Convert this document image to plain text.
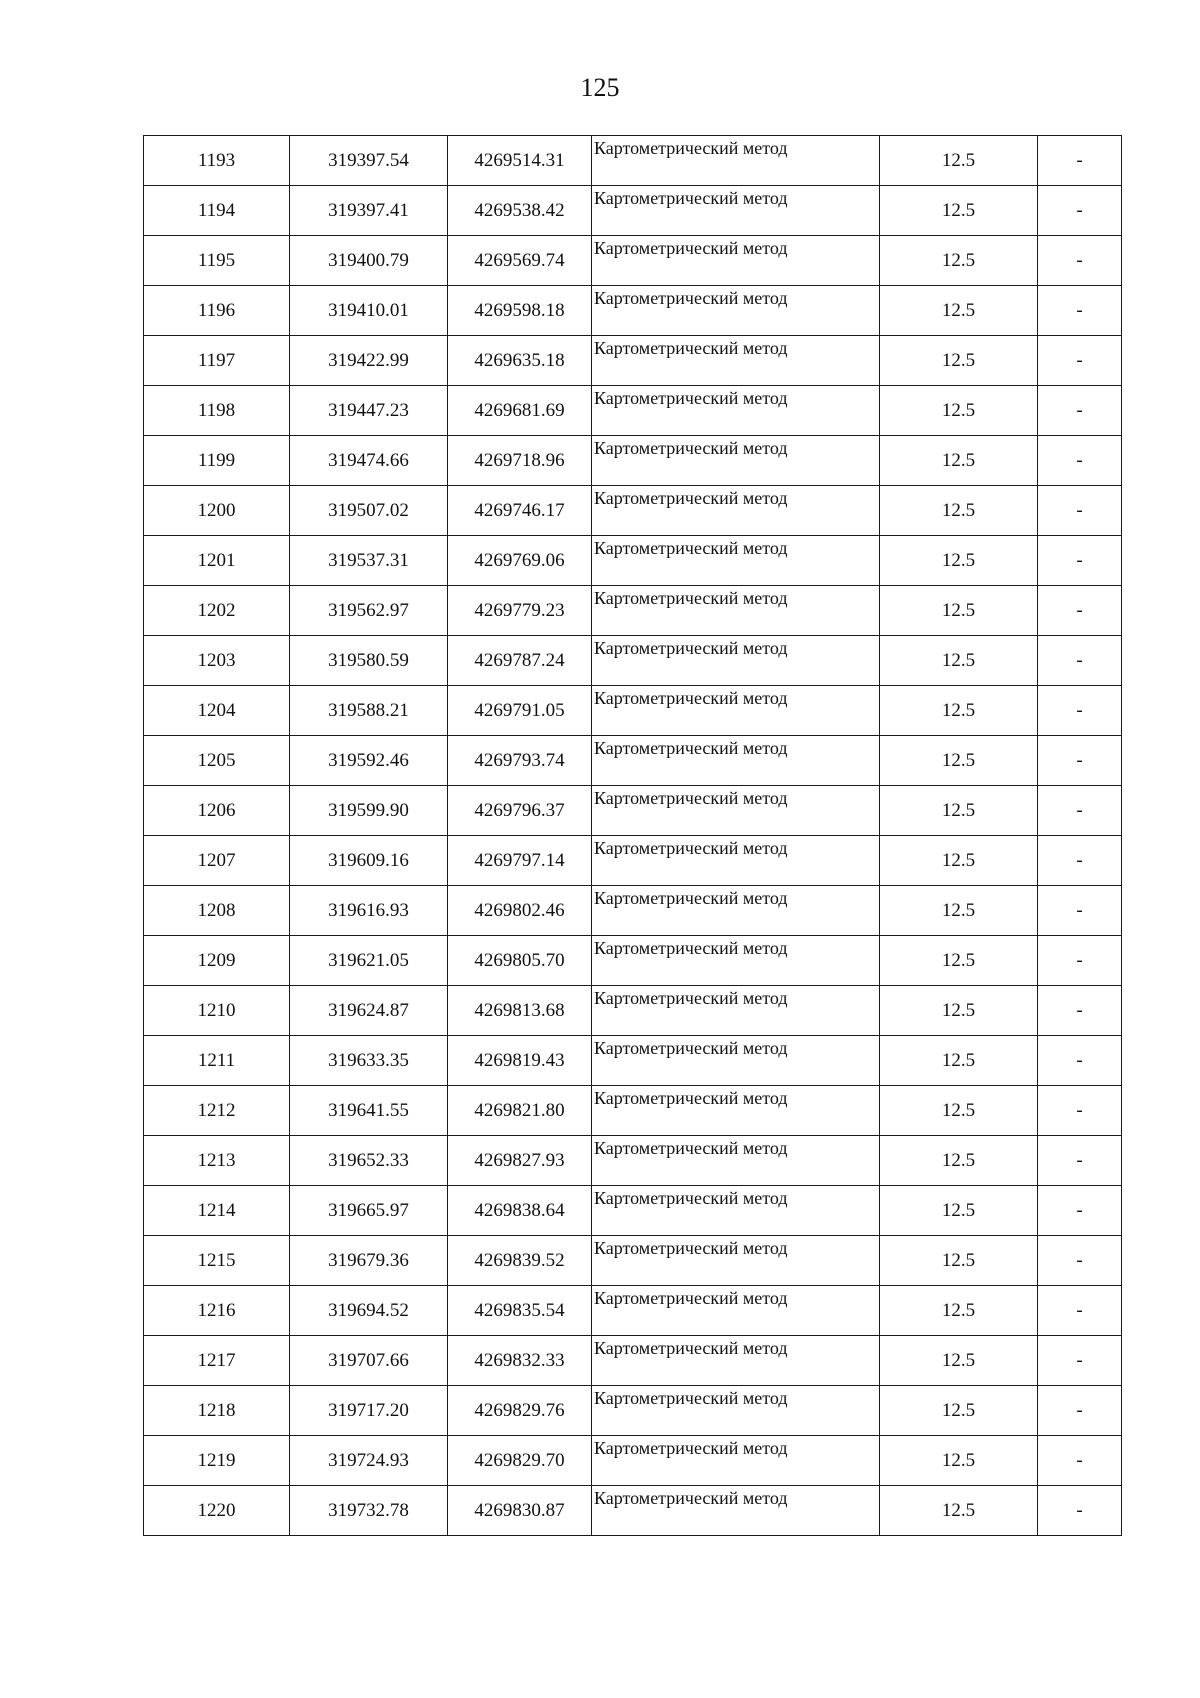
125
1193	319397.54	4269514.31	Картометрический метод	12.5	-
1194	319397.41	4269538.42	Картометрический метод	12.5	-
1195	319400.79	4269569.74	Картометрический метод	12.5	-
1196	319410.01	4269598.18	Картометрический метод	12.5	-
1197	319422.99	4269635.18	Картометрический метод	12.5	-
1198	319447.23	4269681.69	Картометрический метод	12.5	-
1199	319474.66	4269718.96	Картометрический метод	12.5	-
1200	319507.02	4269746.17	Картометрический метод	12.5	-
1201	319537.31	4269769.06	Картометрический метод	12.5	-
1202	319562.97	4269779.23	Картометрический метод	12.5	-
1203	319580.59	4269787.24	Картометрический метод	12.5	-
1204	319588.21	4269791.05	Картометрический метод	12.5	-
1205	319592.46	4269793.74	Картометрический метод	12.5	-
1206	319599.90	4269796.37	Картометрический метод	12.5	-
1207	319609.16	4269797.14	Картометрический метод	12.5	-
1208	319616.93	4269802.46	Картометрический метод	12.5	-
1209	319621.05	4269805.70	Картометрический метод	12.5	-
1210	319624.87	4269813.68	Картометрический метод	12.5	-
1211	319633.35	4269819.43	Картометрический метод	12.5	-
1212	319641.55	4269821.80	Картометрический метод	12.5	-
1213	319652.33	4269827.93	Картометрический метод	12.5	-
1214	319665.97	4269838.64	Картометрический метод	12.5	-
1215	319679.36	4269839.52	Картометрический метод	12.5	-
1216	319694.52	4269835.54	Картометрический метод	12.5	-
1217	319707.66	4269832.33	Картометрический метод	12.5	-
1218	319717.20	4269829.76	Картометрический метод	12.5	-
1219	319724.93	4269829.70	Картометрический метод	12.5	-
1220	319732.78	4269830.87	Картометрический метод	12.5	-
